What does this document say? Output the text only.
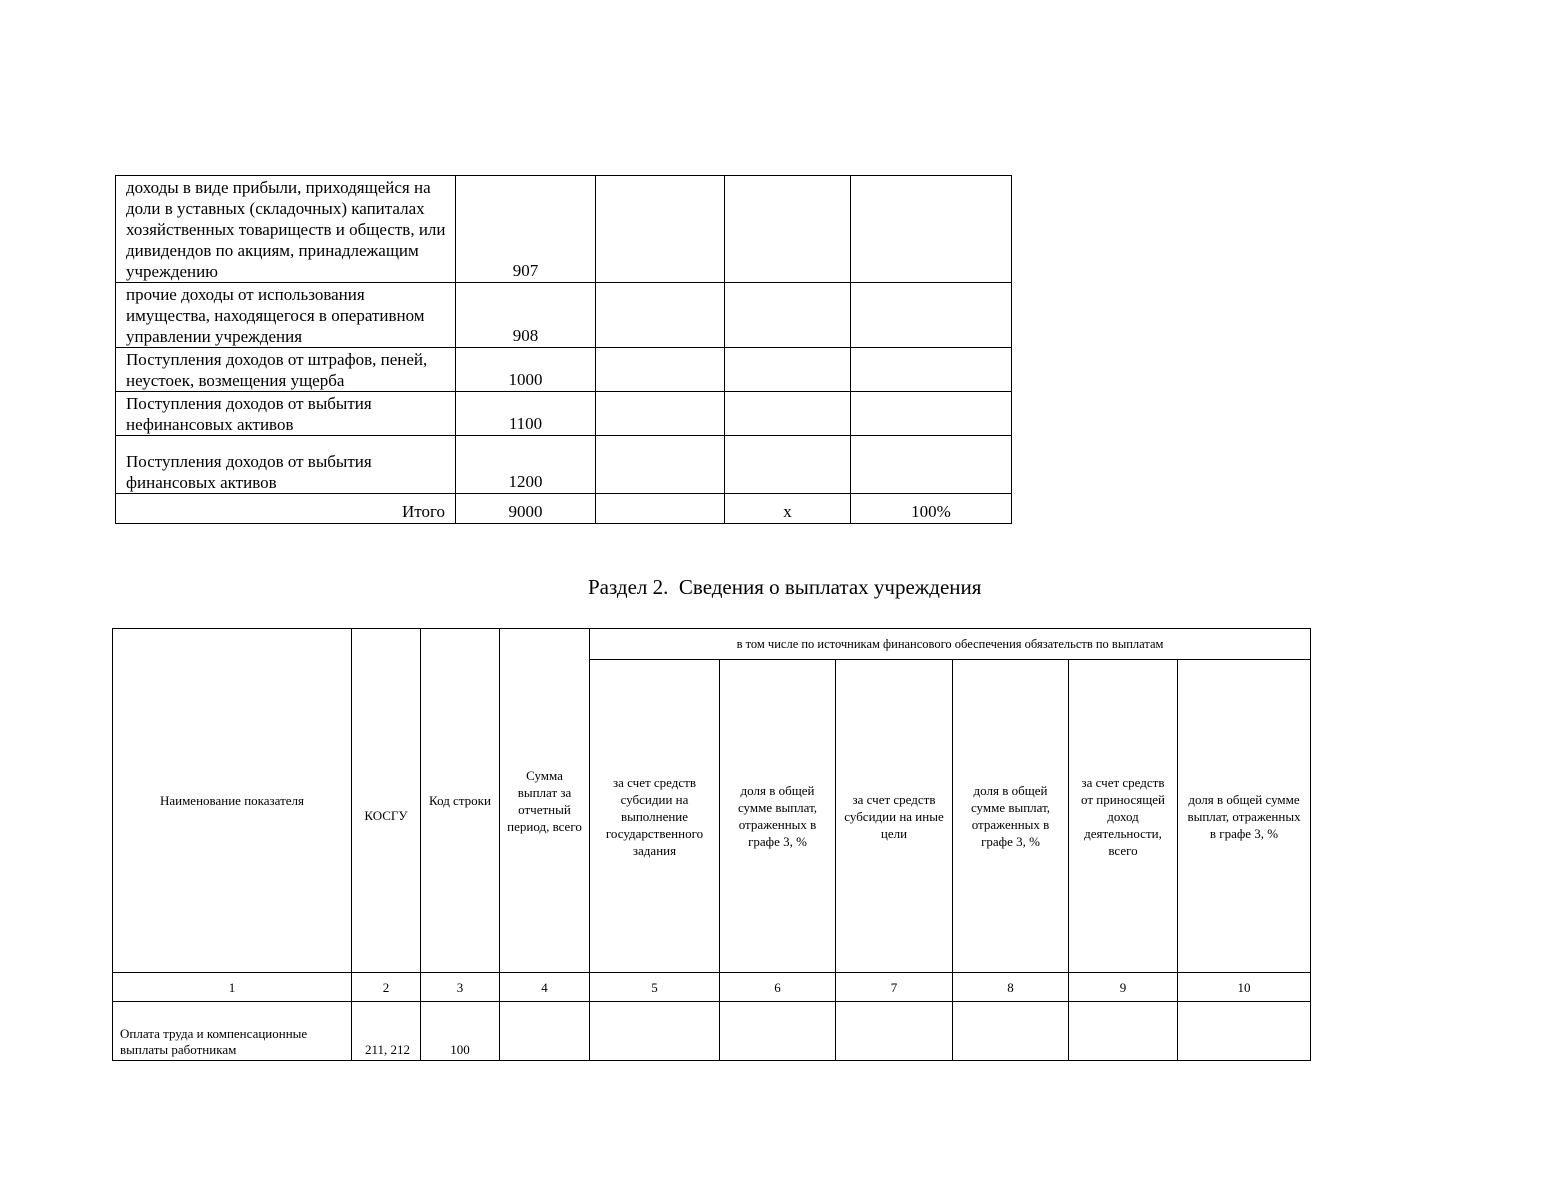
доходы в виде прибыли, приходящейся на доли в уставных (складочных) капиталах хозяйственных товариществ и обществ, или дивидендов по акциям, принадлежащим учреждению	907			
прочие доходы от использования имущества, находящегося в оперативном управлении учреждения	908			
Поступления доходов от штрафов, пеней, неустоек, возмещения ущерба	1000			
Поступления доходов от выбытия нефинансовых активов	1100			
Поступления доходов от выбытия финансовых активов	1200			
Итого	9000		x	100%
Раздел 2.  Сведения о выплатах учреждения
Наименование показателя	КОСГУ	Код строки	Сумма выплат за отчетный период, всего	в том числе по источникам финансового обеспечения обязательств по выплатам					
				за счет средств субсидии на выполнение государственного задания	доля в общей сумме выплат, отраженных в графе 3, %	за счет средств субсидии на иные цели	доля в общей сумме выплат, отраженных в графе 3, %	за счет средств от приносящей доход деятельности, всего	доля в общей сумме выплат, отраженных в графе 3, %
1	2	3	4	5	6	7	8	9	10
Оплата труда и компенсационные выплаты работникам	211, 212	100							
